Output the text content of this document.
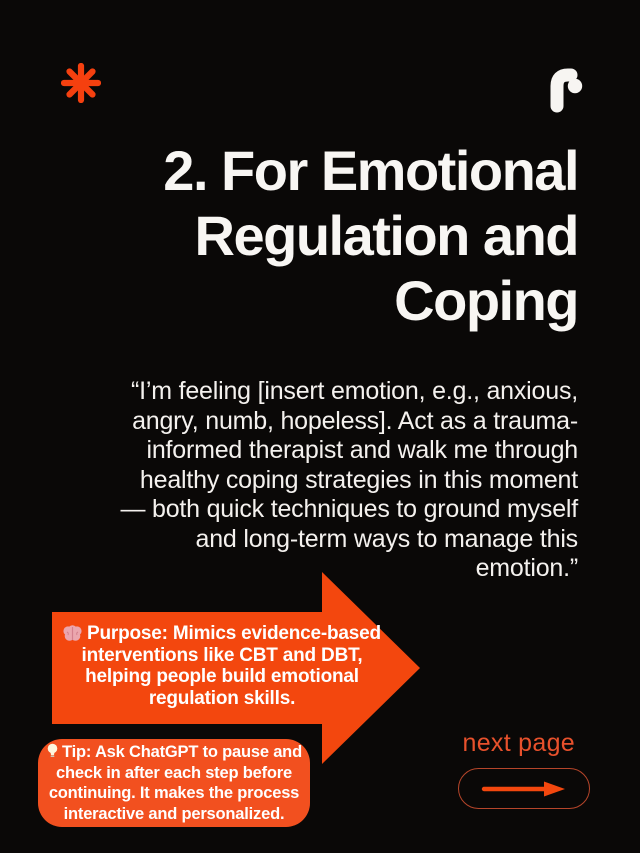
2. For Emotional
Regulation and
Coping
“I’m feeling [insert emotion, e.g., anxious,
angry, numb, hopeless]. Act as a trauma-
informed therapist and walk me through
healthy coping strategies in this moment
— both quick techniques to ground myself
and long-term ways to manage this
emotion.”
Purpose: Mimics evidence-based
interventions like CBT and DBT,
helping people build emotional
regulation skills.
Tip: Ask ChatGPT to pause and
check in after each step before
continuing. It makes the process
interactive and personalized.
next page
